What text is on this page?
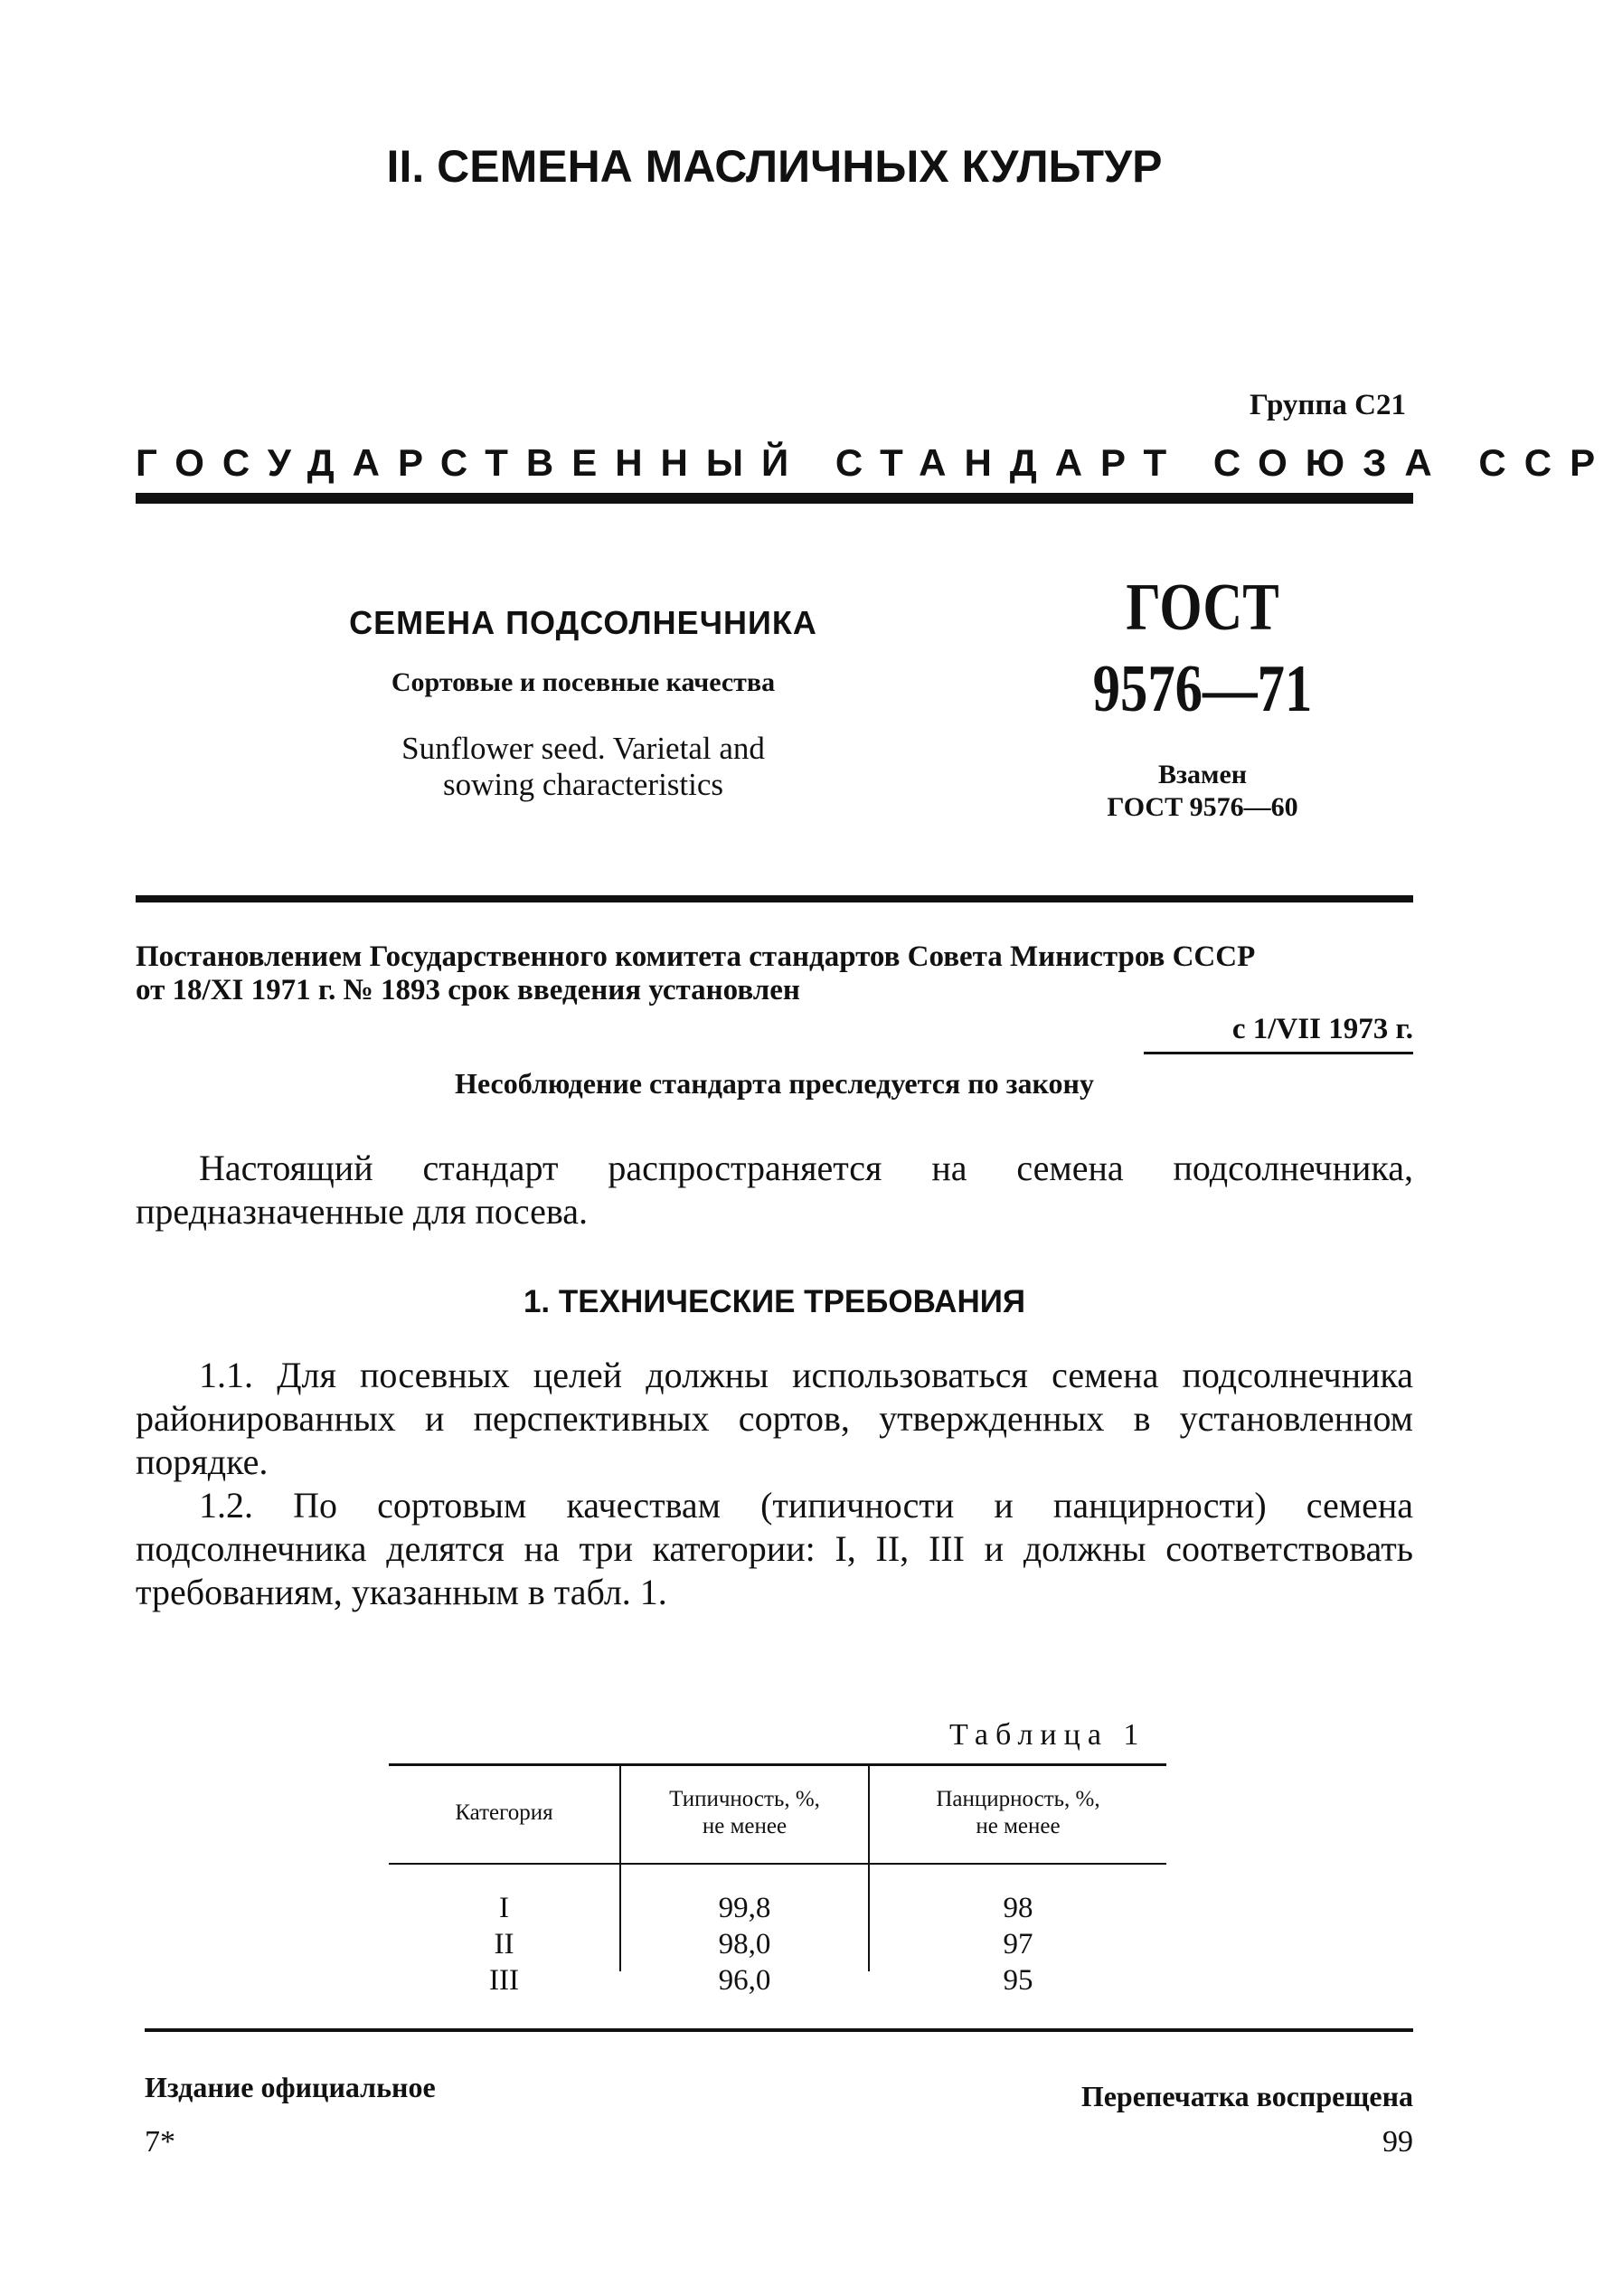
II. СЕМЕНА МАСЛИЧНЫХ КУЛЬТУР
Группа С21
ГОСУДАРСТВЕННЫЙ СТАНДАРТ СОЮЗА ССР
СЕМЕНА ПОДСОЛНЕЧНИКА
Сортовые и посевные качества
Sunflower seed. Varietal and
sowing characteristics
ГОСТ
9576—71
Взамен
ГОСТ 9576—60
Постановлением Государственного комитета стандартов Совета Министров СССР
от 18/XI 1971 г. № 1893 срок введения установлен
с 1/VII 1973 г.
Несоблюдение стандарта преследуется по закону
Настоящий стандарт распространяется на семена подсолнечника, предназначенные для посева.
1. ТЕХНИЧЕСКИЕ ТРЕБОВАНИЯ
1.1. Для посевных целей должны использоваться семена подсолнечника районированных и перспективных сортов, утвержденных в установленном порядке.
1.2. По сортовым качествам (типичности и панцирности) семена подсолнечника делятся на три категории: I, II, III и должны соответствовать требованиям, указанным в табл. 1.
Таблица 1
Категория
Типичность, %,
не менее
Панцирность, %,
не менее
I
II
III
99,8
98,0
96,0
98
97
95
Издание официальное	Перепечатка воспрещена
7*	99
